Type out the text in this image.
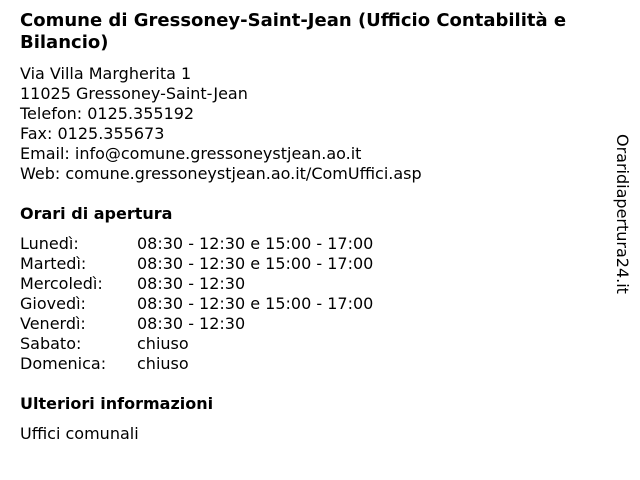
Comune di Gressoney-Saint-Jean (Ufficio Contabilità e Bilancio)
Via Villa Margherita 1
11025 Gressoney-Saint-Jean
Telefon: 0125.355192
Fax: 0125.355673
Email: info@comune.gressoneystjean.ao.it
Web: comune.gressoneystjean.ao.it/ComUffici.asp
Orari di apertura
Lunedì:	08:30 - 12:30 e 15:00 - 17:00
Martedì:	08:30 - 12:30 e 15:00 - 17:00
Mercoledì:	08:30 - 12:30
Giovedì:	08:30 - 12:30 e 15:00 - 17:00
Venerdì:	08:30 - 12:30
Sabato:	chiuso
Domenica:	chiuso
Ulteriori informazioni
Uffici comunali
Oraridiapertura24.it
